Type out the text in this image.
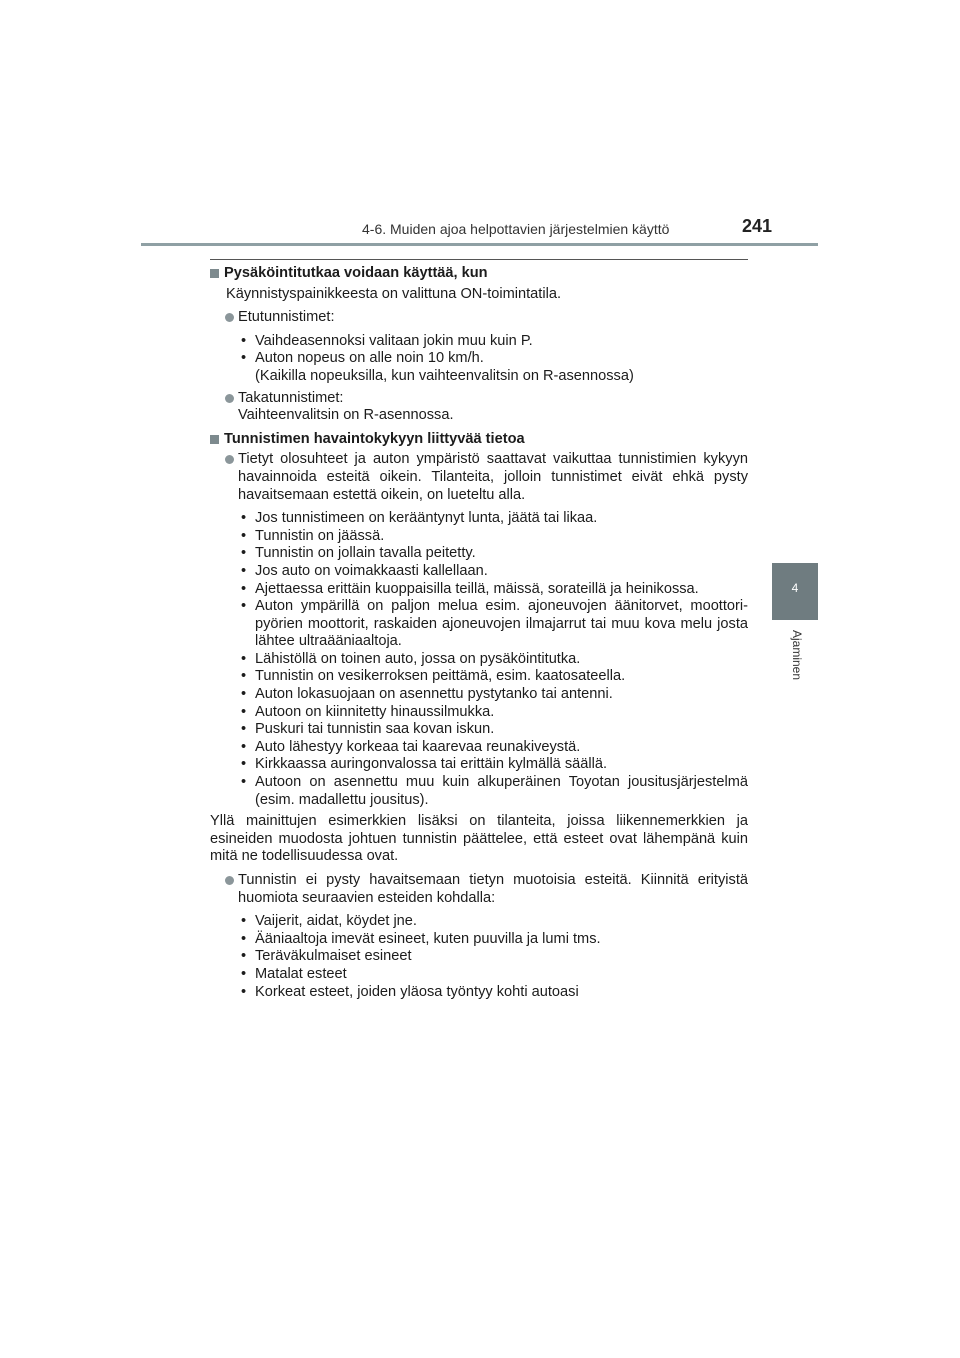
4-6. Muiden ajoa helpottavien järjestelmien käyttö	241
4
Ajaminen
Pysäköintitutkaa voidaan käyttää, kun
Käynnistyspainikkeesta on valittuna ON-toimintatila.
Etutunnistimet:
• Vaihdeasennoksi valitaan jokin muu kuin P.
• Auton nopeus on alle noin 10 km/h.
(Kaikilla nopeuksilla, kun vaihteenvalitsin on R-asennossa)
Takatunnistimet:
Vaihteenvalitsin on R-asennossa.
Tunnistimen havaintokykyyn liittyvää tietoa
Tietyt olosuhteet ja auton ympäristö saattavat vaikuttaa tunnistimien kykyyn havainnoida esteitä oikein. Tilanteita, jolloin tunnistimet eivät ehkä pysty havaitsemaan estettä oikein, on lueteltu alla.
• Jos tunnistimeen on kerääntynyt lunta, jäätä tai likaa.
• Tunnistin on jäässä.
• Tunnistin on jollain tavalla peitetty.
• Jos auto on voimakkaasti kallellaan.
• Ajettaessa erittäin kuoppaisilla teillä, mäissä, sorateillä ja heinikossa.
• Auton ympärillä on paljon melua esim. ajoneuvojen äänitorvet, moottori-pyörien moottorit, raskaiden ajoneuvojen ilmajarrut tai muu kova melu josta lähtee ultraääniaaltoja.
• Lähistöllä on toinen auto, jossa on pysäköintitutka.
• Tunnistin on vesikerroksen peittämä, esim. kaatosateella.
• Auton lokasuojaan on asennettu pystytanko tai antenni.
• Autoon on kiinnitetty hinaussilmukka.
• Puskuri tai tunnistin saa kovan iskun.
• Auto lähestyy korkeaa tai kaarevaa reunakiveystä.
• Kirkkaassa auringonvalossa tai erittäin kylmällä säällä.
• Autoon on asennettu muu kuin alkuperäinen Toyotan jousitusjärjestelmä (esim. madallettu jousitus).

Yllä mainittujen esimerkkien lisäksi on tilanteita, joissa liikennemerkkien ja esineiden muodosta johtuen tunnistin päättelee, että esteet ovat lähempänä kuin mitä ne todellisuudessa ovat.

Tunnistin ei pysty havaitsemaan tietyn muotoisia esteitä. Kiinnitä erityistä huomiota seuraavien esteiden kohdalla:
• Vaijerit, aidat, köydet jne.
• Ääniaaltoja imevät esineet, kuten puuvilla ja lumi tms.
• Teräväkulmaiset esineet
• Matalat esteet
• Korkeat esteet, joiden yläosa työntyy kohti autoasi
